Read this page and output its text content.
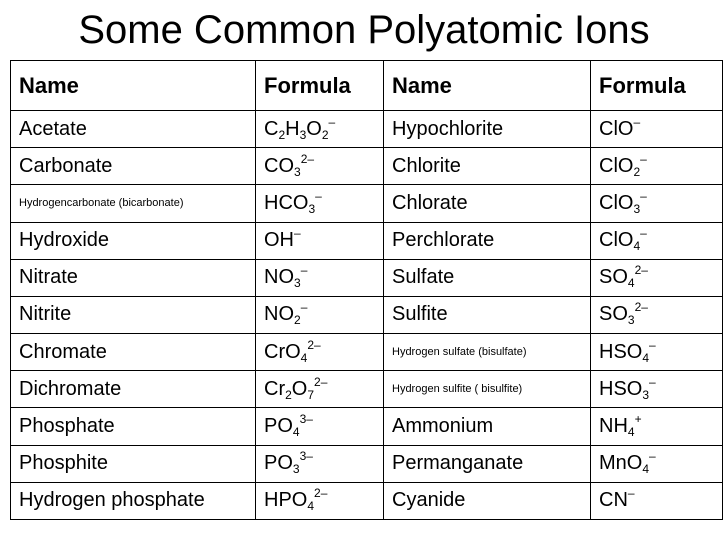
Some Common Polyatomic Ions
Name	Formula	Name	Formula
Acetate	$C_2H_3O_2^-$	Hypochlorite	ClO–
Carbonate	$CO_3^{2-}$	Chlorite	ClO$_2$–
Hydrogencarbonate (bicarbonate)	$HCO_3^-$	Chlorate	ClO$_3$–
Hydroxide	OH–	Perchlorate	ClO$_4$–
Nitrate	$NO_3^-$	Sulfate	$SO_4^{2-}$
Nitrite	$NO_2^-$	Sulfite	$SO_3^{2-}$
Chromate	CrO$_4^{2-}$	Hydrogen sulfate (bisulfate)	$HSO_4^-$
Dichromate	$Cr_2O_7^{2-}$	Hydrogen sulfite ( bisulfite)	$HSO_3^-$
Phosphate	$PO_4^{3-}$	Ammonium	$NH_4^+$
Phosphite	$PO_3^{3-}$	Permanganate	MnO$_4$–
Hydrogen phosphate	$HPO_4^{2-}$	Cyanide	CN–
